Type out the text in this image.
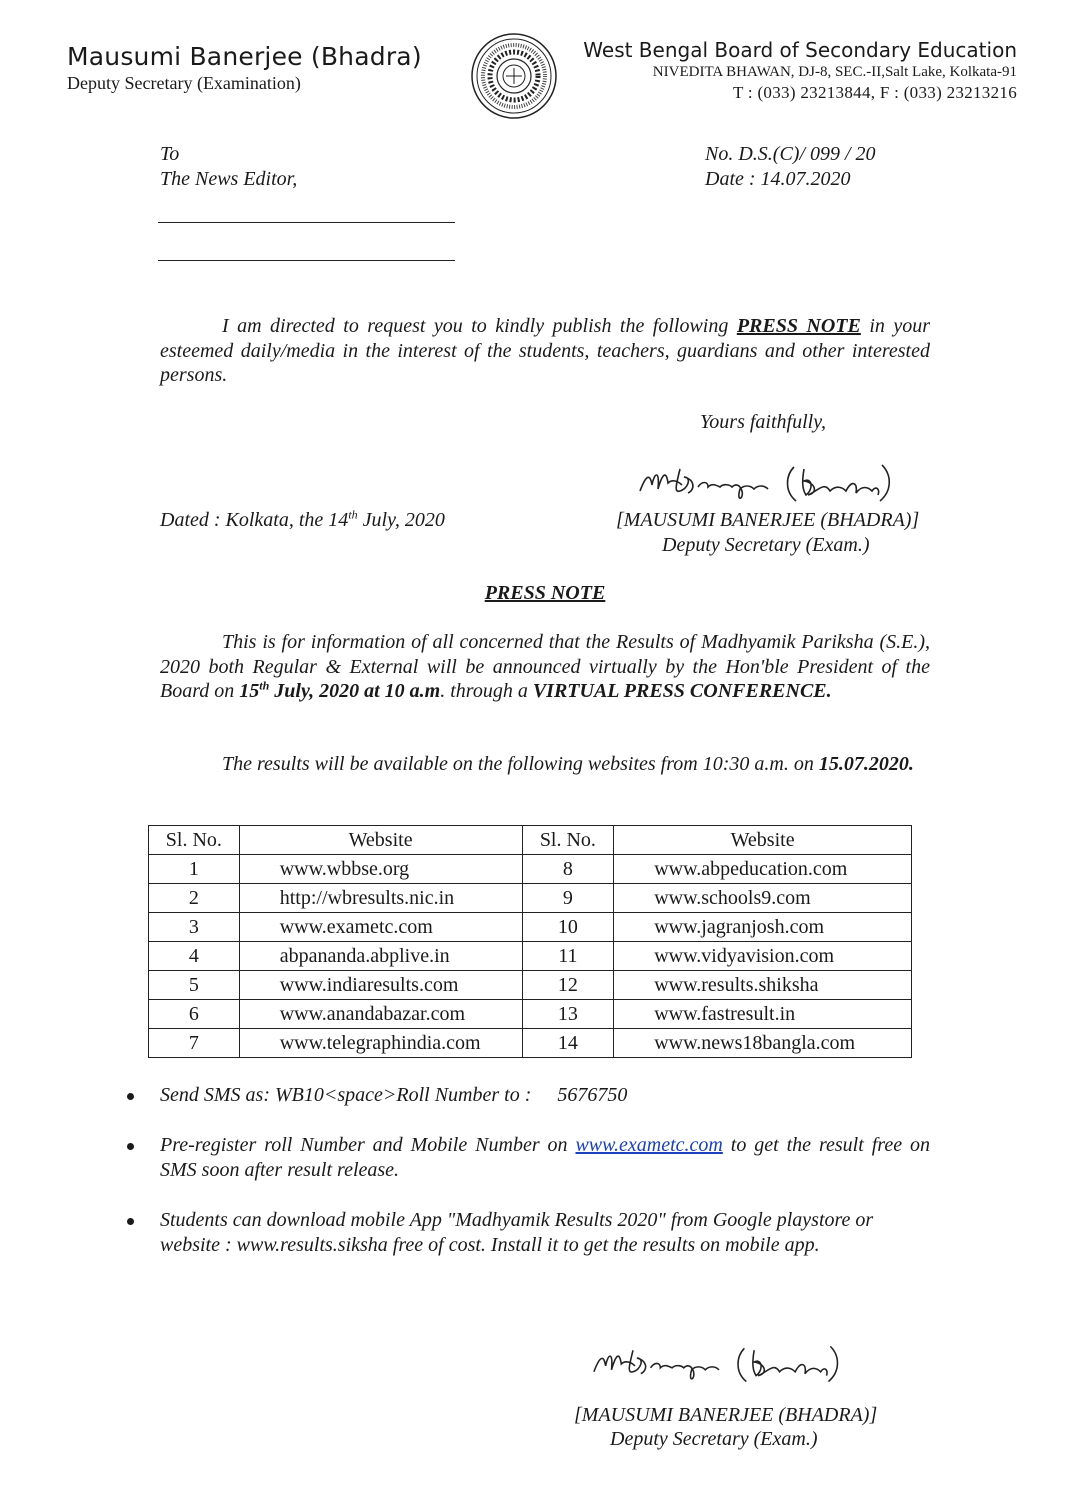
Mausumi Banerjee (Bhadra)
Deputy Secretary (Examination)
West Bengal Board of Secondary Education
NIVEDITA BHAWAN, DJ-8, SEC.-II,Salt Lake, Kolkata-91
T : (033) 23213844, F : (033) 23213216
To
The News Editor,
No. D.S.(C)/ 099 / 20
Date : 14.07.2020
I am directed to request you to kindly publish the following PRESS NOTE in your esteemed daily/media in the interest of the students, teachers, guardians and other interested persons.
Yours faithfully,
Dated : Kolkata, the 14th July, 2020	[MAUSUMI BANERJEE (BHADRA)]
Deputy Secretary (Exam.)
PRESS NOTE
This is for information of all concerned that the Results of Madhyamik Pariksha (S.E.), 2020 both Regular & External will be announced virtually by the Hon'ble President of the Board on 15th July, 2020 at 10 a.m. through a VIRTUAL PRESS CONFERENCE.
The results will be available on the following websites from 10:30 a.m. on 15.07.2020.
Sl. No.	Website	Sl. No.	Website
1	www.wbbse.org	8	www.abpeducation.com
2	http://wbresults.nic.in	9	www.schools9.com
3	www.exametc.com	10	www.jagranjosh.com
4	abpananda.abplive.in	11	www.vidyavision.com
5	www.indiaresults.com	12	www.results.shiksha
6	www.anandabazar.com	13	www.fastresult.in
7	www.telegraphindia.com	14	www.news18bangla.com
Send SMS as: WB10<space>Roll Number to : 5676750
Pre-register roll Number and Mobile Number on www.exametc.com to get the result free on SMS soon after result release.
Students can download mobile App "Madhyamik Results 2020" from Google playstore or website : www.results.siksha free of cost. Install it to get the results on mobile app.
[MAUSUMI BANERJEE (BHADRA)]
Deputy Secretary (Exam.)
